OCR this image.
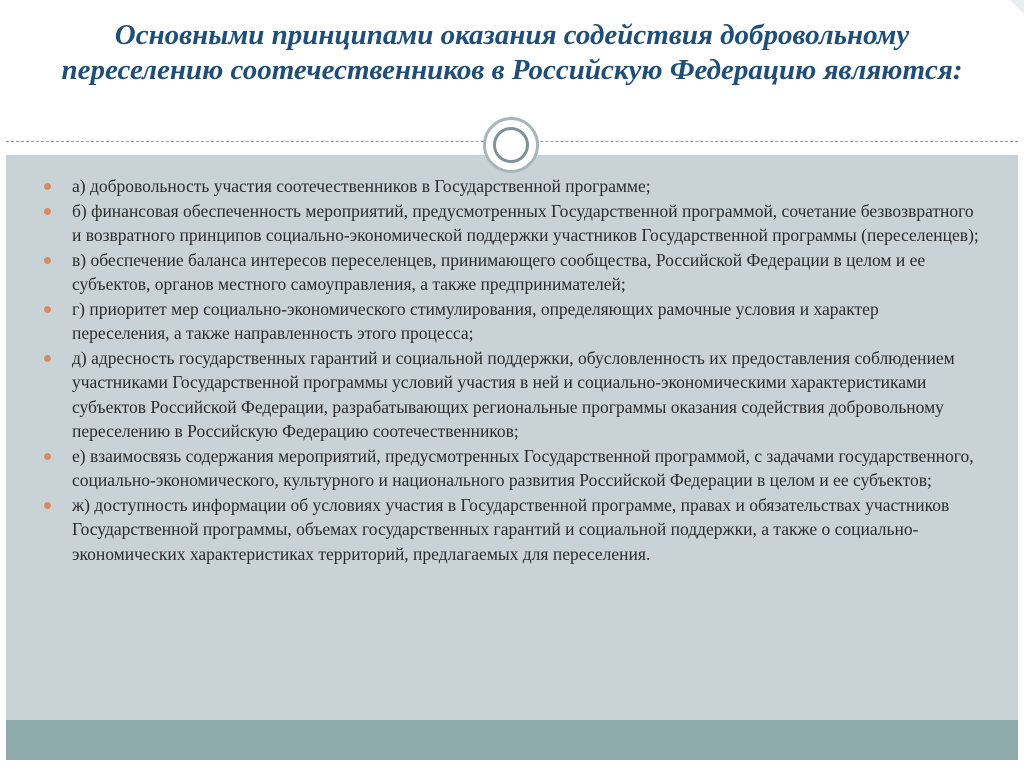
Основными принципами оказания содействия добровольному переселению соотечественников в Российскую Федерацию являются:
а) добровольность участия соотечественников в Государственной программе;
б) финансовая обеспеченность мероприятий, предусмотренных Государственной программой, сочетание безвозвратного и возвратного принципов социально-экономической поддержки участников Государственной программы (переселенцев);
в) обеспечение баланса интересов переселенцев, принимающего сообщества, Российской Федерации в целом и ее субъектов, органов местного самоуправления, а также предпринимателей;
г) приоритет мер социально-экономического стимулирования, определяющих рамочные условия и характер переселения, а также направленность этого процесса;
д) адресность государственных гарантий и социальной поддержки, обусловленность их предоставления соблюдением участниками Государственной программы условий участия в ней и социально-экономическими характеристиками субъектов Российской Федерации, разрабатывающих региональные программы оказания содействия добровольному переселению в Российскую Федерацию соотечественников;
е) взаимосвязь содержания мероприятий, предусмотренных Государственной программой, с задачами государственного, социально-экономического, культурного и национального развития Российской Федерации в целом и ее субъектов;
ж) доступность информации об условиях участия в Государственной программе, правах и обязательствах участников Государственной программы, объемах государственных гарантий и социальной поддержки, а также о социально-экономических характеристиках территорий, предлагаемых для переселения.
